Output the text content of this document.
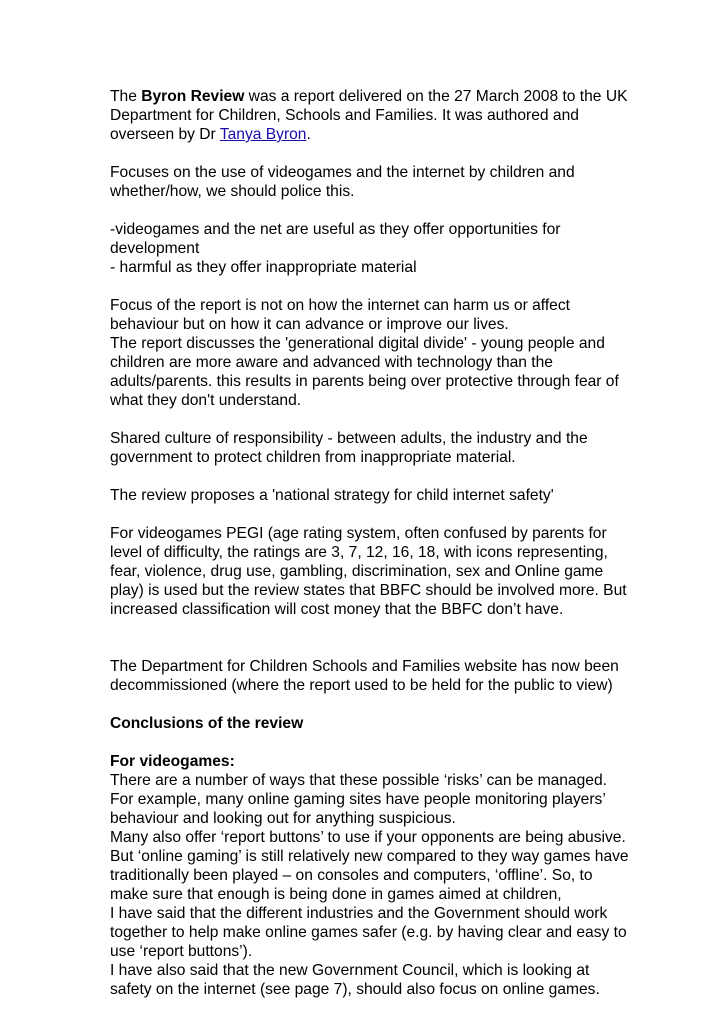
The Byron Review was a report delivered on the 27 March 2008 to the UK Department for Children, Schools and Families. It was authored and overseen by Dr Tanya Byron.

Focuses on the use of videogames and the internet by children and whether/how, we should police this.

-videogames and the net are useful as they offer opportunities for development
- harmful as they offer inappropriate material

Focus of the report is not on how the internet can harm us or affect behaviour but on how it can advance or improve our lives.
The report discusses the 'generational digital divide' - young people and children are more aware and advanced with technology than the adults/parents. this results in parents being over protective through fear of what they don't understand.

Shared culture of responsibility - between adults, the industry and the government to protect children from inappropriate material.

The review proposes a 'national strategy for child internet safety'

For videogames PEGI (age rating system, often confused by parents for level of difficulty, the ratings are 3, 7, 12, 16, 18, with icons representing, fear, violence, drug use, gambling, discrimination, sex and Online game play) is used but the review states that BBFC should be involved more. But increased classification will cost money that the BBFC don’t have.

The Department for Children Schools and Families website has now been decommissioned (where the report used to be held for the public to view)

Conclusions of the review

For videogames:

There are a number of ways that these possible ‘risks’ can be managed.
For example, many online gaming sites have people monitoring players’ behaviour and looking out for anything suspicious.
Many also offer ‘report buttons’ to use if your opponents are being abusive.
But ‘online gaming’ is still relatively new compared to they way games have traditionally been played – on consoles and computers, ‘offline’. So, to make sure that enough is being done in games aimed at children,
I have said that the different industries and the Government should work together to help make online games safer (e.g. by having clear and easy to use ‘report buttons’).
I have also said that the new Government Council, which is looking at safety on the internet (see page 7), should also focus on online games.
